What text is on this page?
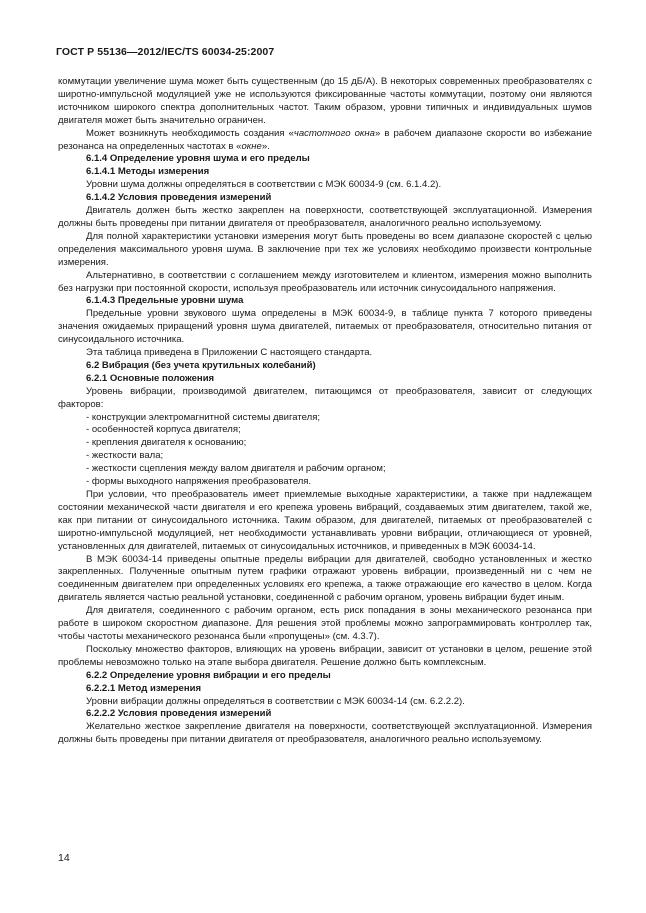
ГОСТ Р 55136—2012/IEC/TS 60034-25:2007

коммутации увеличение шума может быть существенным (до 15 дБ/А). В некоторых современных преобразователях с широтно-импульсной модуляцией уже не используются фиксированные частоты коммутации, поэтому они являются источником широкого спектра дополнительных частот. Таким образом, уровни типичных и индивидуальных шумов двигателя может быть значительно ограничен.

Может возникнуть необходимость создания «частотного окна» в рабочем диапазоне скорости во избежание резонанса на определенных частотах в «окне».

6.1.4 Определение уровня шума и его пределы

6.1.4.1 Методы измерения

Уровни шума должны определяться в соответствии с МЭК 60034-9 (см. 6.1.4.2).

6.1.4.2 Условия проведения измерений

Двигатель должен быть жестко закреплен на поверхности, соответствующей эксплуатационной. Измерения должны быть проведены при питании двигателя от преобразователя, аналогичного реально используемому.

Для полной характеристики установки измерения могут быть проведены во всем диапазоне скоростей с целью определения максимального уровня шума. В заключение при тех же условиях необходимо произвести контрольные измерения.

Альтернативно, в соответствии с соглашением между изготовителем и клиентом, измерения можно выполнить без нагрузки при постоянной скорости, используя преобразователь или источник синусоидального напряжения.

6.1.4.3 Предельные уровни шума

Предельные уровни звукового шума определены в МЭК 60034-9, в таблице пункта 7 которого приведены значения ожидаемых приращений уровня шума двигателей, питаемых от преобразователя, относительно питания от синусоидального источника.

Эта таблица приведена в Приложении С настоящего стандарта.

6.2 Вибрация (без учета крутильных колебаний)

6.2.1 Основные положения

Уровень вибрации, производимой двигателем, питающимся от преобразователя, зависит от следующих факторов:

- конструкции электромагнитной системы двигателя;

- особенностей корпуса двигателя;

- крепления двигателя к основанию;

- жесткости вала;

- жесткости сцепления между валом двигателя и рабочим органом;

- формы выходного напряжения преобразователя.

При условии, что преобразователь имеет приемлемые выходные характеристики, а также при надлежащем состоянии механической части двигателя и его крепежа уровень вибраций, создаваемых этим двигателем, такой же, как при питании от синусоидального источника. Таким образом, для двигателей, питаемых от преобразователей с широтно-импульсной модуляцией, нет необходимости устанавливать уровни вибрации, отличающиеся от уровней, установленных для двигателей, питаемых от синусоидальных источников, и приведенных в МЭК 60034-14.

В МЭК 60034-14 приведены опытные пределы вибрации для двигателей, свободно установленных и жестко закрепленных. Полученные опытным путем графики отражают уровень вибрации, произведенный ни с чем не соединенным двигателем при определенных условиях его крепежа, а также отражающие его качество в целом. Когда двигатель является частью реальной установки, соединенной с рабочим органом, уровень вибрации будет иным.

Для двигателя, соединенного с рабочим органом, есть риск попадания в зоны механического резонанса при работе в широком скоростном диапазоне. Для решения этой проблемы можно запрограммировать контроллер так, чтобы частоты механического резонанса были «пропущены» (см. 4.3.7).

Поскольку множество факторов, влияющих на уровень вибрации, зависит от установки в целом, решение этой проблемы невозможно только на этапе выбора двигателя. Решение должно быть комплексным.

6.2.2 Определение уровня вибрации и его пределы

6.2.2.1 Метод измерения

Уровни вибрации должны определяться в соответствии с МЭК 60034-14 (см. 6.2.2.2).

6.2.2.2 Условия проведения измерений

Желательно жесткое закрепление двигателя на поверхности, соответствующей эксплуатационной. Измерения должны быть проведены при питании двигателя от преобразователя, аналогичного реально используемому.

14
